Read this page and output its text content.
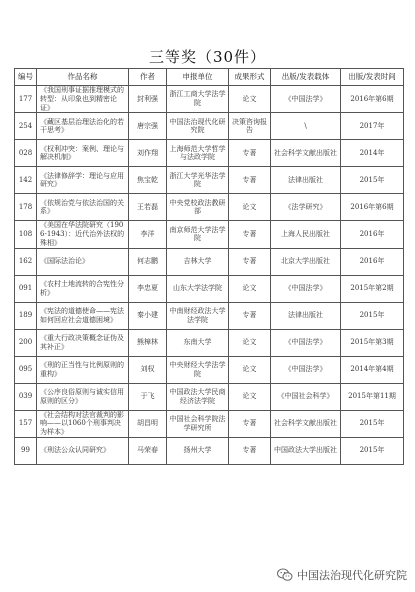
三等奖（30件）
编号	作品名称	作者	申报单位	成果形式	出版/发表载体	出版/发表时间
177	《我国刑事证据推理模式的转型：从印象也到精密论证》	封利强	浙江工商大学法学院	论文	《中国法学》	2016年第6期
254	《藏区基层治理法治化的若干思考》	唐宗强	中国法治现代化研究院	决策咨询报告	\	2017年
028	《权利冲突：案例、理论与解决机制》	刘作翔	上海师范大学哲学与法政学院	专著	社会科学文献出版社	2014年
142	《法律修辞学：理论与应用研究》	焦宝乾	浙江大学光华法学院	专著	法律出版社	2015年
178	《依规治党与依法治国的关系》	王若磊	中央党校政法教研部	论文	《法学研究》	2016年第6期
108	《美国在华法院研究（1906-1943）：近代治外法权的殊相》	李洋	南京师范大学法学院	专著	上海人民出版社	2016年
162	《国际法治论》	何志鹏	吉林大学	专著	北京大学出版社	2016年
091	《农村土地流转的合宪性分析》	李忠夏	山东大学法学院	论文	《中国法学》	2015年第2期
189	《宪法的道德使命——宪法如何回应社会道德困境》	秦小建	中南财经政法大学 法学院	专著	法律出版社	2015年
200	《重大行政决策概念证伪及其补正》	熊樟林	东南大学	论文	《中国法学》	2015年第3期
095	《刑的正当性与比例原则的重构》	刘权	中央财经大学法学院	论文	《中国法学》	2014年第4期
039	《公序良俗原则与诚实信用原则的区分》	于飞	中国政法大学民商经济法学院	论文	《中国社会科学》	2015年第11期
157	《社会结构对法官裁判的影响——以1060个刑事判决为样本》	胡昌明	中国社会科学院法学研究所	专著	社会科学文献出版社	2015年
99	《刑法公众认同研究》	马荣春	扬州大学	专著	中国政法大学出版社	2015年
中国法治现代化研究院
